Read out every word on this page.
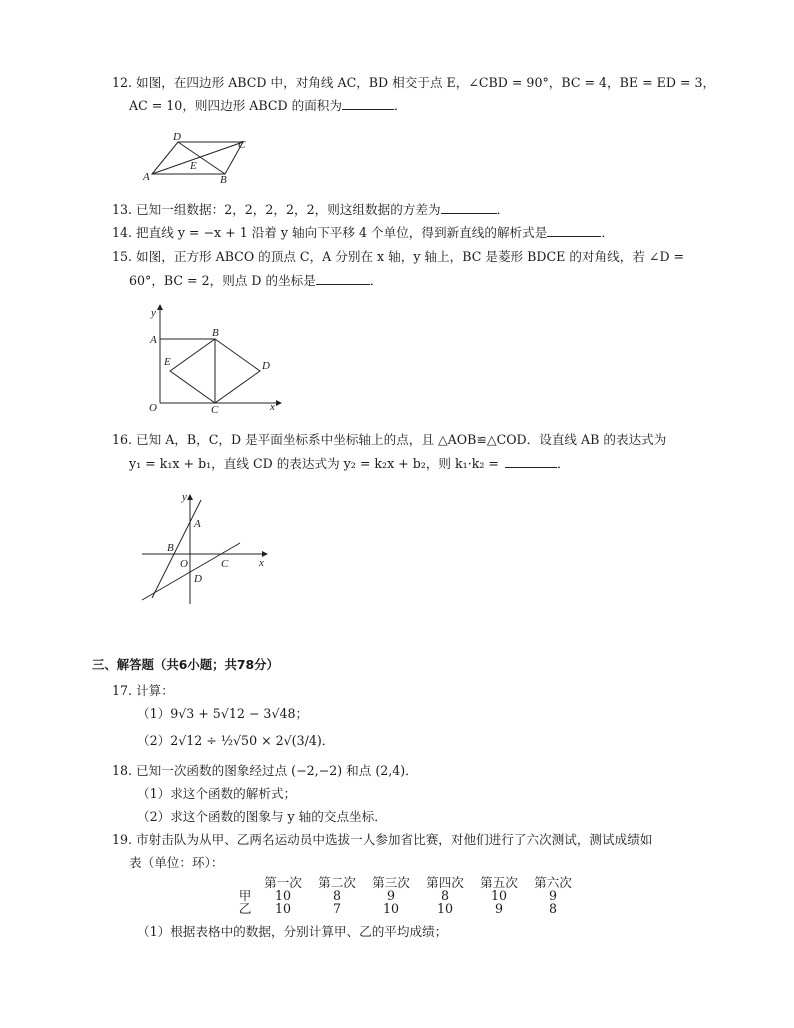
12. 如图，在四边形 ABCD 中，对角线 AC，BD 相交于点 E，∠CBD = 90°，BC = 4，BE = ED = 3，
AC = 10，则四边形 ABCD 的面积为	．
D
C
E
A	B
13. 已知一组数据：2，2，2，2，2，则这组数据的方差为	．
14. 把直线 y = −x + 1 沿着 y 轴向下平移 4 个单位，得到新直线的解析式是	．
15. 如图，正方形 ABCO 的顶点 C，A 分别在 x 轴，y 轴上，BC 是菱形 BDCE 的对角线，若 ∠D =
60°，BC = 2，则点 D 的坐标是	．
y
A
B
E	D
O	C	x
16. 已知 A，B，C，D 是平面坐标系中坐标轴上的点，且 △AOB≌△COD．设直线 AB 的表达式为
y₁ = k₁x + b₁，直线 CD 的表达式为 y₂ = k₂x + b₂，则 k₁·k₂ =	．
y
A
B
O	C
D
x
三、解答题（共6小题；共78分）
17. 计算：
（1）9√3 + 5√12 − 3√48；
（2）2√12 ÷ ½√50 × 2√(3/4)．
18. 已知一次函数的图象经过点 (−2,−2) 和点 (2,4)．
（1）求这个函数的解析式；
（2）求这个函数的图象与 y 轴的交点坐标．
19. 市射击队为从甲、乙两名运动员中选拔一人参加省比赛，对他们进行了六次测试，测试成绩如
表（单位：环）：
	第一次	第二次	第三次	第四次	第五次	第六次
甲	10	8	9	8	10	9
乙	10	7	10	10	9	8
（1）根据表格中的数据，分别计算甲、乙的平均成绩；
